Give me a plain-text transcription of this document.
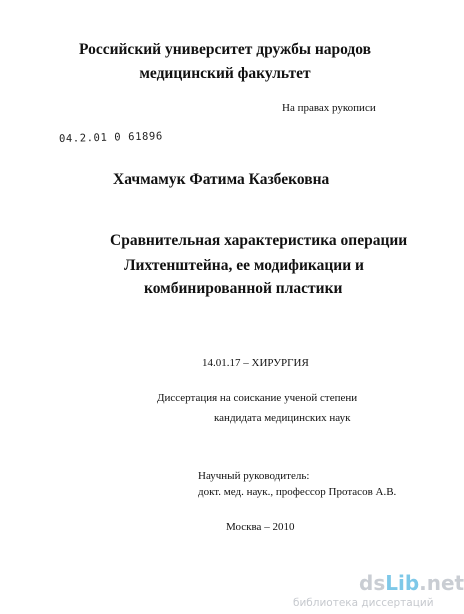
Российский университет дружбы народов
медицинский факультет
На правах рукописи
04.2.01 0 61896
Хачмамук Фатима Казбековна
Сравнительная характеристика операции
Лихтенштейна, ее модификации и
комбинированной пластики
14.01.17 – ХИРУРГИЯ
Диссертация на соискание ученой степени
кандидата медицинских наук
Научный руководитель:
докт. мед. наук., профессор Протасов А.В.
Москва – 2010
dsLib.net
библиотека диссертаций
